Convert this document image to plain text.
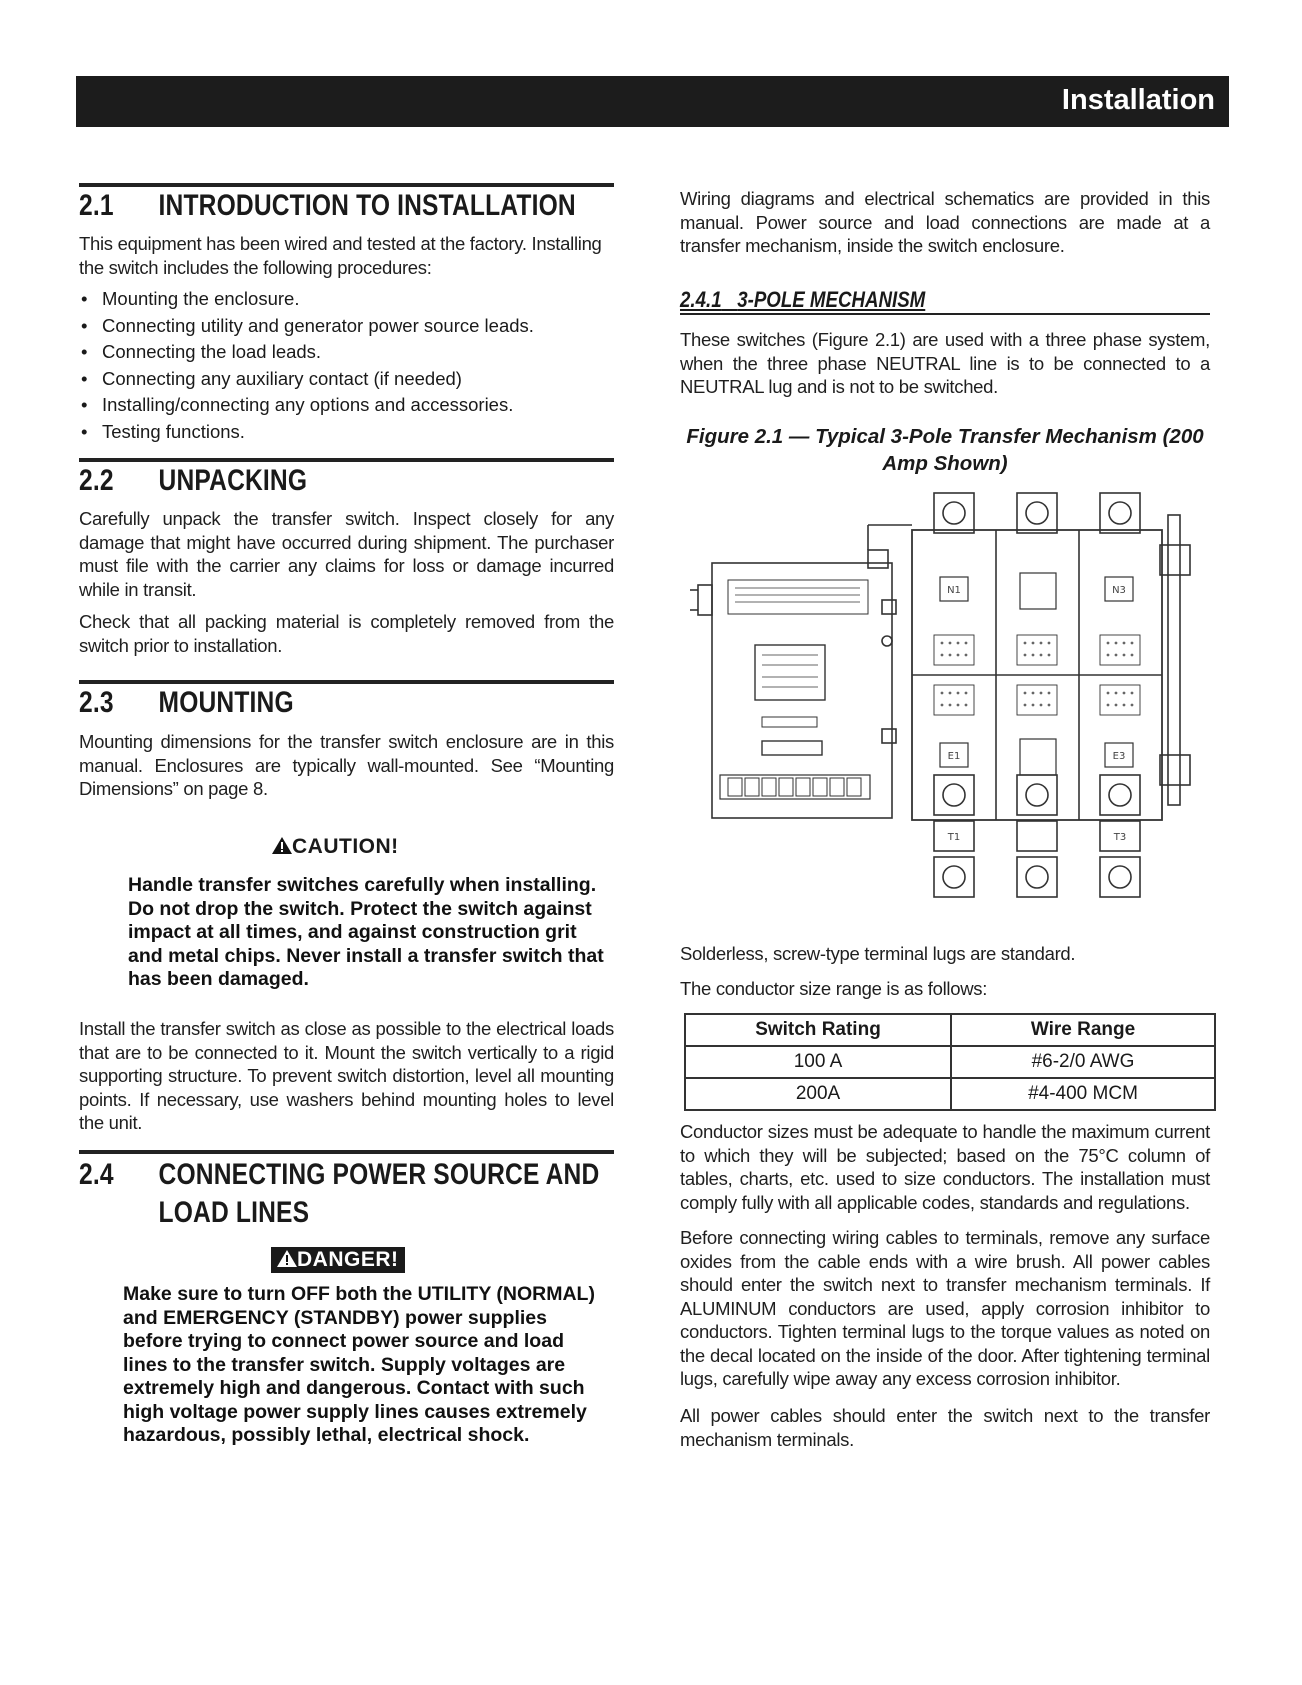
Installation
2.1 INTRODUCTION TO INSTALLATION
This equipment has been wired and tested at the factory. Installing the switch includes the following procedures:
• Mounting the enclosure.
• Connecting utility and generator power source leads.
• Connecting the load leads.
• Connecting any auxiliary contact (if needed)
• Installing/connecting any options and accessories.
• Testing functions.
2.2 UNPACKING
Carefully unpack the transfer switch. Inspect closely for any damage that might have occurred during shipment. The purchaser must file with the carrier any claims for loss or damage incurred while in transit.
Check that all packing material is completely removed from the switch prior to installation.
2.3 MOUNTING
Mounting dimensions for the transfer switch enclosure are in this manual. Enclosures are typically wall-mounted. See “Mounting Dimensions” on page 8.
CAUTION!
Handle transfer switches carefully when installing. Do not drop the switch. Protect the switch against impact at all times, and against construction grit and metal chips. Never install a transfer switch that has been damaged.
Install the transfer switch as close as possible to the electrical loads that are to be connected to it. Mount the switch vertically to a rigid supporting structure. To prevent switch distortion, level all mounting points. If necessary, use washers behind mounting holes to level the unit.
2.4 CONNECTING POWER SOURCE AND
LOAD LINES
DANGER!
Make sure to turn OFF both the UTILITY (NORMAL) and EMERGENCY (STANDBY) power supplies before trying to connect power source and load lines to the transfer switch. Supply voltages are extremely high and dangerous. Contact with such high voltage power supply lines causes extremely hazardous, possibly lethal, electrical shock.
Wiring diagrams and electrical schematics are provided in this manual. Power source and load connections are made at a transfer mechanism, inside the switch enclosure.
2.4.1 3-POLE MECHANISM
These switches (Figure 2.1) are used with a three phase system, when the three phase NEUTRAL line is to be connected to a NEUTRAL lug and is not to be switched.
Figure 2.1 — Typical 3-Pole Transfer Mechanism (200 Amp Shown)
N1	N3
E1	E3
T1	T3
Solderless, screw-type terminal lugs are standard.
The conductor size range is as follows:
Switch Rating	Wire Range
100 A	#6-2/0 AWG
200A	#4-400 MCM
Conductor sizes must be adequate to handle the maximum current to which they will be subjected; based on the 75°C column of tables, charts, etc. used to size conductors. The installation must comply fully with all applicable codes, standards and regulations.
Before connecting wiring cables to terminals, remove any surface oxides from the cable ends with a wire brush. All power cables should enter the switch next to transfer mechanism terminals. If ALUMINUM conductors are used, apply corrosion inhibitor to conductors. Tighten terminal lugs to the torque values as noted on the decal located on the inside of the door. After tightening terminal lugs, carefully wipe away any excess corrosion inhibitor.
All power cables should enter the switch next to the transfer mechanism terminals.
